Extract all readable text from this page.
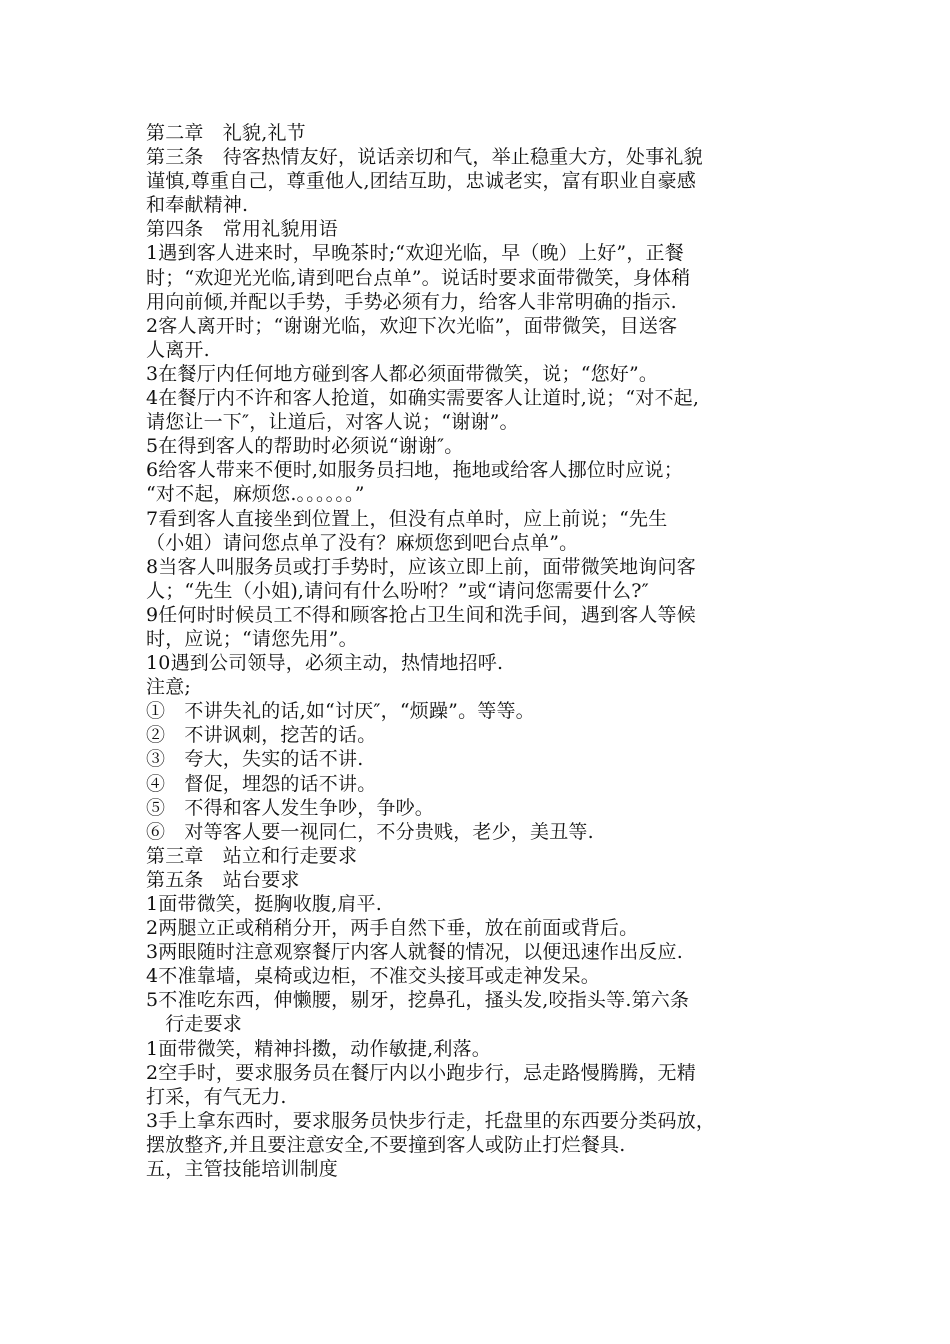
第二章　礼貌,礼节
第三条　待客热情友好，说话亲切和气，举止稳重大方，处事礼貌
谨慎,尊重自己，尊重他人,团结互助，忠诚老实，富有职业自豪感
和奉献精神.
第四条　常用礼貌用语
1遇到客人进来时，早晚茶时;“欢迎光临，早（晚）上好”，正餐
时；“欢迎光光临,请到吧台点单”。说话时要求面带微笑，身体稍
用向前倾,并配以手势，手势必须有力，给客人非常明确的指示.
2客人离开时；“谢谢光临，欢迎下次光临”，面带微笑，目送客
人离开.
3在餐厅内任何地方碰到客人都必须面带微笑，说；“您好”。
4在餐厅内不许和客人抢道，如确实需要客人让道时,说；“对不起,
请您让一下″，让道后，对客人说；“谢谢”。
5在得到客人的帮助时必须说“谢谢″。
6给客人带来不便时,如服务员扫地，拖地或给客人挪位时应说；
“对不起，麻烦您.。。。。。。”
7看到客人直接坐到位置上，但没有点单时，应上前说；“先生
（小姐）请问您点单了没有？麻烦您到吧台点单”。
8当客人叫服务员或打手势时，应该立即上前，面带微笑地询问客
人；“先生（小姐),请问有什么吩咐？”或“请问您需要什么?″
9任何时时候员工不得和顾客抢占卫生间和洗手间，遇到客人等候
时，应说；“请您先用”。
10遇到公司领导，必须主动，热情地招呼.
注意;
①　不讲失礼的话,如“讨厌″，“烦躁”。等等。
②　不讲讽刺，挖苦的话。
③　夸大，失实的话不讲.
④　督促，埋怨的话不讲。
⑤　不得和客人发生争吵，争吵。
⑥　对等客人要一视同仁，不分贵贱，老少，美丑等.
第三章　站立和行走要求
第五条　站台要求
1面带微笑，挺胸收腹,肩平.
2两腿立正或稍稍分开，两手自然下垂，放在前面或背后。
3两眼随时注意观察餐厅内客人就餐的情况，以便迅速作出反应.
4不准靠墙，桌椅或边柜，不准交头接耳或走神发呆。
5不准吃东西，伸懒腰，剔牙，挖鼻孔，搔头发,咬指头等.第六条
　行走要求
1面带微笑，精神抖擞，动作敏捷,利落。
2空手时，要求服务员在餐厅内以小跑步行，忌走路慢腾腾，无精
打采，有气无力.
3手上拿东西时，要求服务员快步行走，托盘里的东西要分类码放，
摆放整齐,并且要注意安全,不要撞到客人或防止打烂餐具.
五，主管技能培训制度
